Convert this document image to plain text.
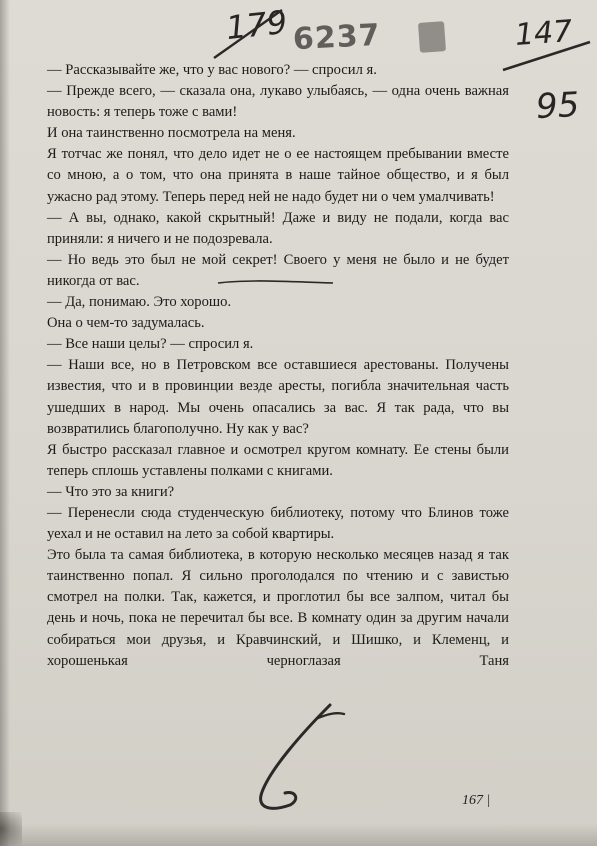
179 6237	147
95

— Рассказывайте же, что у вас нового? — спросил я.

— Прежде всего, — сказала она, лукаво улыбаясь, — одна очень важная новость: я теперь тоже с вами!

И она таинственно посмотрела на меня.

Я тотчас же понял, что дело идет не о ее настоящем пребывании вместе со мною, а о том, что она принята в наше тайное общество, и я был ужасно рад этому. Теперь перед ней не надо будет ни о чем умалчивать!

— А вы, однако, какой скрытный! Даже и виду не подали, когда вас приняли: я ничего и не подозревала.

— Но ведь это был не мой секрет! Своего у меня не было и не будет никогда от вас.

— Да, понимаю. Это хорошо.

Она о чем-то задумалась.

— Все наши целы? — спросил я.

— Наши все, но в Петровском все оставшиеся арестованы. Получены известия, что и в провинции везде аресты, погибла значительная часть ушедших в народ. Мы очень опасались за вас. Я так рада, что вы возвратились благополучно. Ну как у вас?

Я быстро рассказал главное и осмотрел кругом комнату. Ее стены были теперь сплошь уставлены полками с книгами.

— Что это за книги?

— Перенесли сюда студенческую библиотеку, потому что Блинов тоже уехал и не оставил на лето за собой квартиры.

Это была та самая библиотека, в которую несколько месяцев назад я так таинственно попал. Я сильно проголодался по чтению и с завистью смотрел на полки. Так, кажется, и проглотил бы все залпом, читал бы день и ночь, пока не перечитал бы все. В комнату один за другим начали собираться мои друзья, и Кравчинский, и Шишко, и Клеменц, и хорошенькая черноглазая Таня

167 |
